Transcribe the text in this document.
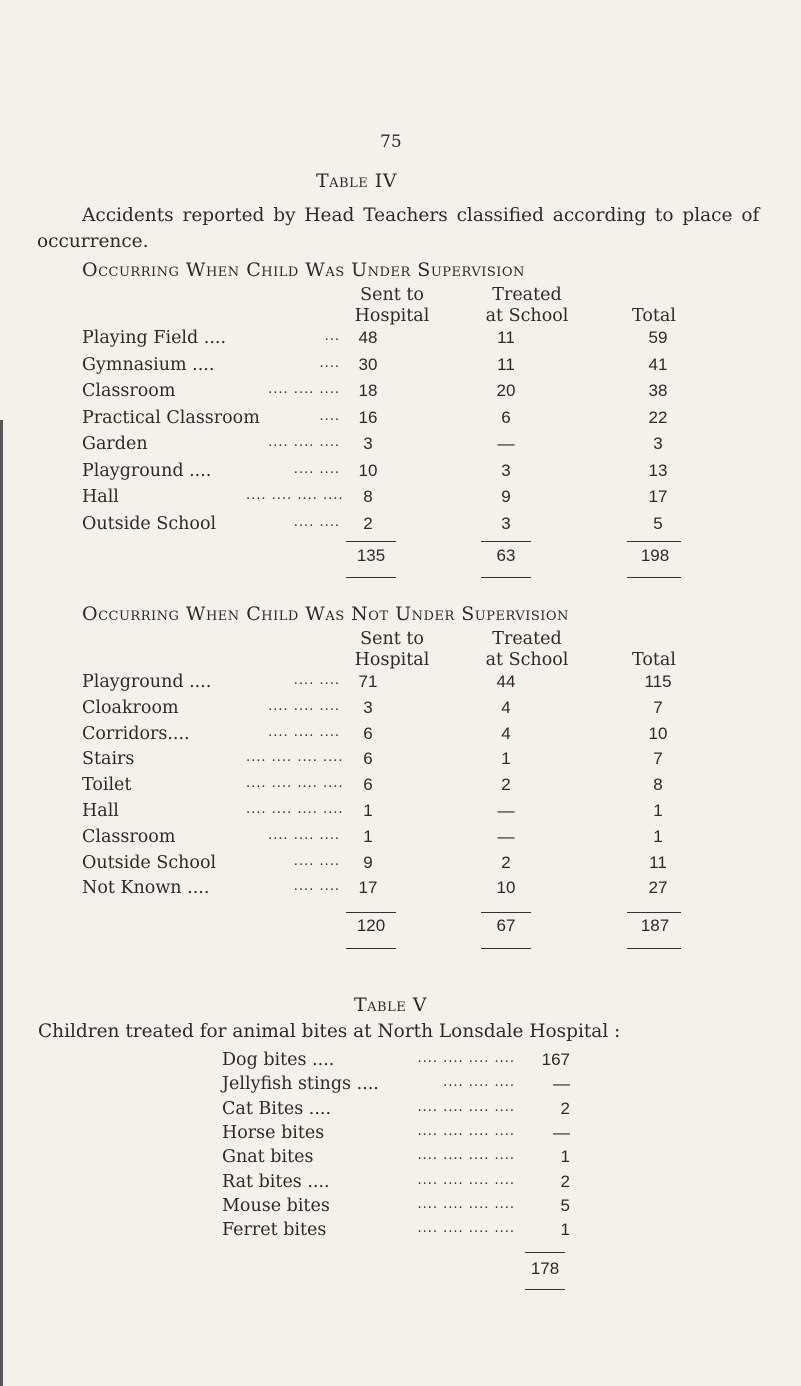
75
Table IV
Accidents reported by Head Teachers classified according to place of
occurrence.
Occurring When Child Was Under Supervision
Sent to
Hospital
Treated
at School	Total
Playing Field ....	...	48	11	59
Gymnasium ....	....	30	11	41
Classroom	.... .... ....	18	20	38
Practical Classroom	....	16	6	22
Garden	.... .... ....	3	—	3
Playground ....	.... ....	10	3	13
Hall	.... .... .... ....	8	9	17
Outside School	.... ....	2	3	5
135	63	198
Occurring When Child Was Not Under Supervision
Sent to
Hospital
Treated
at School	Total
Playground ....	.... ....	71	44	115
Cloakroom	.... .... ....	3	4	7
Corridors....	.... .... ....	6	4	10
Stairs	.... .... .... ....	6	1	7
Toilet	.... .... .... ....	6	2	8
Hall	.... .... .... ....	1	—	1
Classroom	.... .... ....	1	—	1
Outside School	.... ....	9	2	11
Not Known ....	.... ....	17	10	27
120	67	187
Table V
Children treated for animal bites at North Lonsdale Hospital :
Dog bites ....	.... .... .... ....	167
Jellyfish stings ....	.... .... ....	—
Cat Bites ....	.... .... .... ....	2
Horse bites	.... .... .... ....	—
Gnat bites	.... .... .... ....	1
Rat bites ....	.... .... .... ....	2
Mouse bites	.... .... .... ....	5
Ferret bites	.... .... .... ....	1
178
